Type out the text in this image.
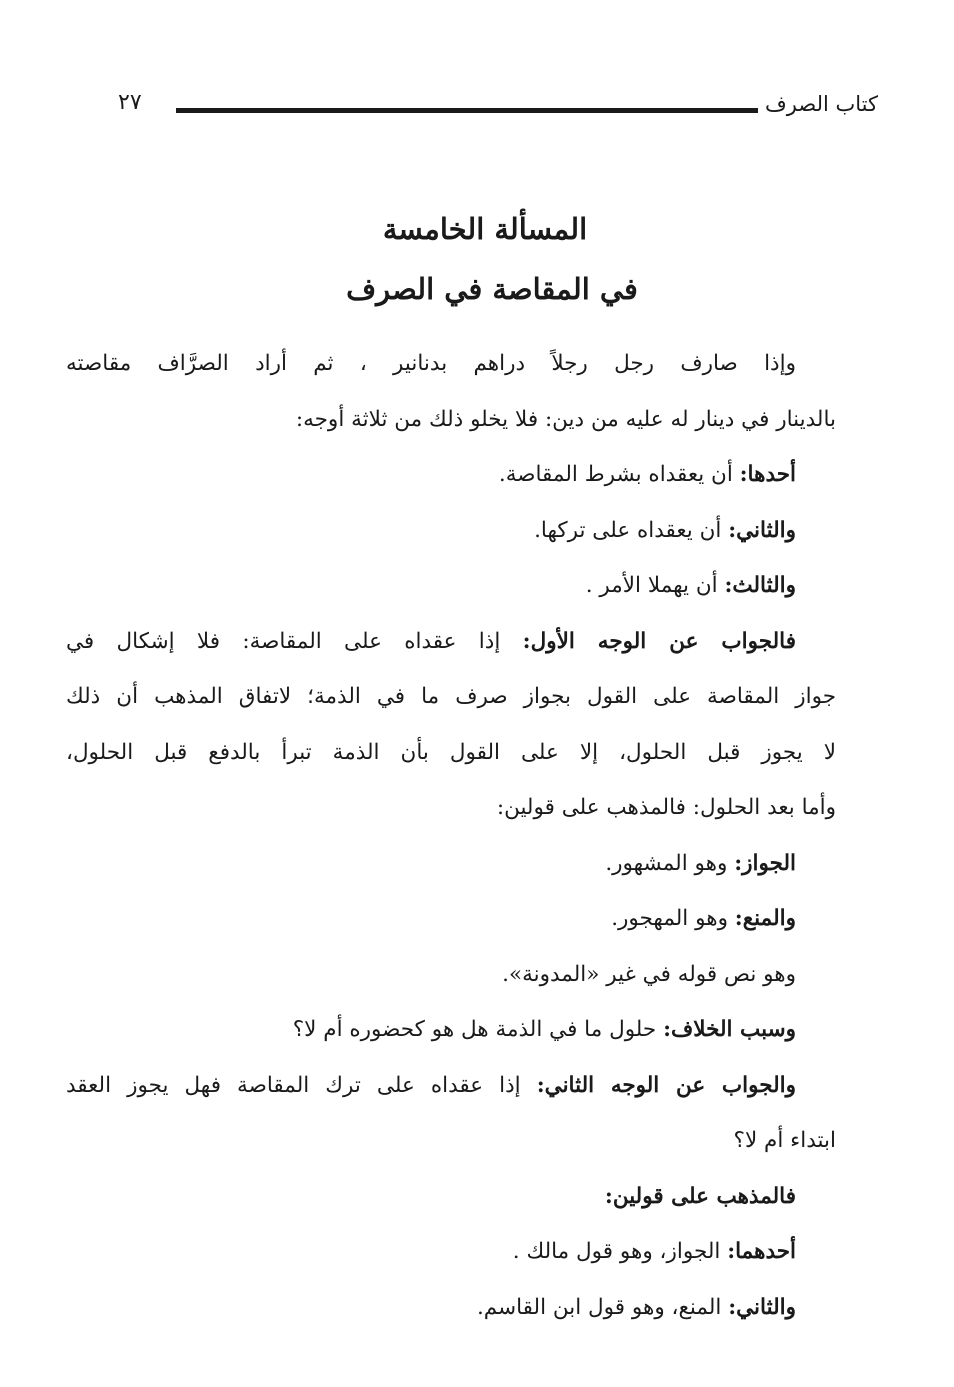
كتاب الصرف
٢٧
المسألة الخامسة
في المقاصة في الصرف
وإذا صارف رجل رجلاً دراهم بدنانير ، ثم أراد الصرَّاف مقاصته
بالدينار في دينار له عليه من دين: فلا يخلو ذلك من ثلاثة أوجه:
أحدها: أن يعقداه بشرط المقاصة.
والثاني: أن يعقداه على تركها.
والثالث: أن يهملا الأمر .
فالجواب عن الوجه الأول: إذا عقداه على المقاصة: فلا إشكال في
جواز المقاصة على القول بجواز صرف ما في الذمة؛ لاتفاق المذهب أن ذلك
لا يجوز قبل الحلول، إلا على القول بأن الذمة تبرأ بالدفع قبل الحلول،
وأما بعد الحلول: فالمذهب على قولين:
الجواز: وهو المشهور.
والمنع: وهو المهجور.
وهو نص قوله في غير «المدونة».
وسبب الخلاف: حلول ما في الذمة هل هو كحضوره أم لا؟
والجواب عن الوجه الثاني: إذا عقداه على ترك المقاصة فهل يجوز العقد
ابتداء أم لا؟
فالمذهب على قولين:
أحدهما: الجواز، وهو قول مالك .
والثاني: المنع، وهو قول ابن القاسم.
